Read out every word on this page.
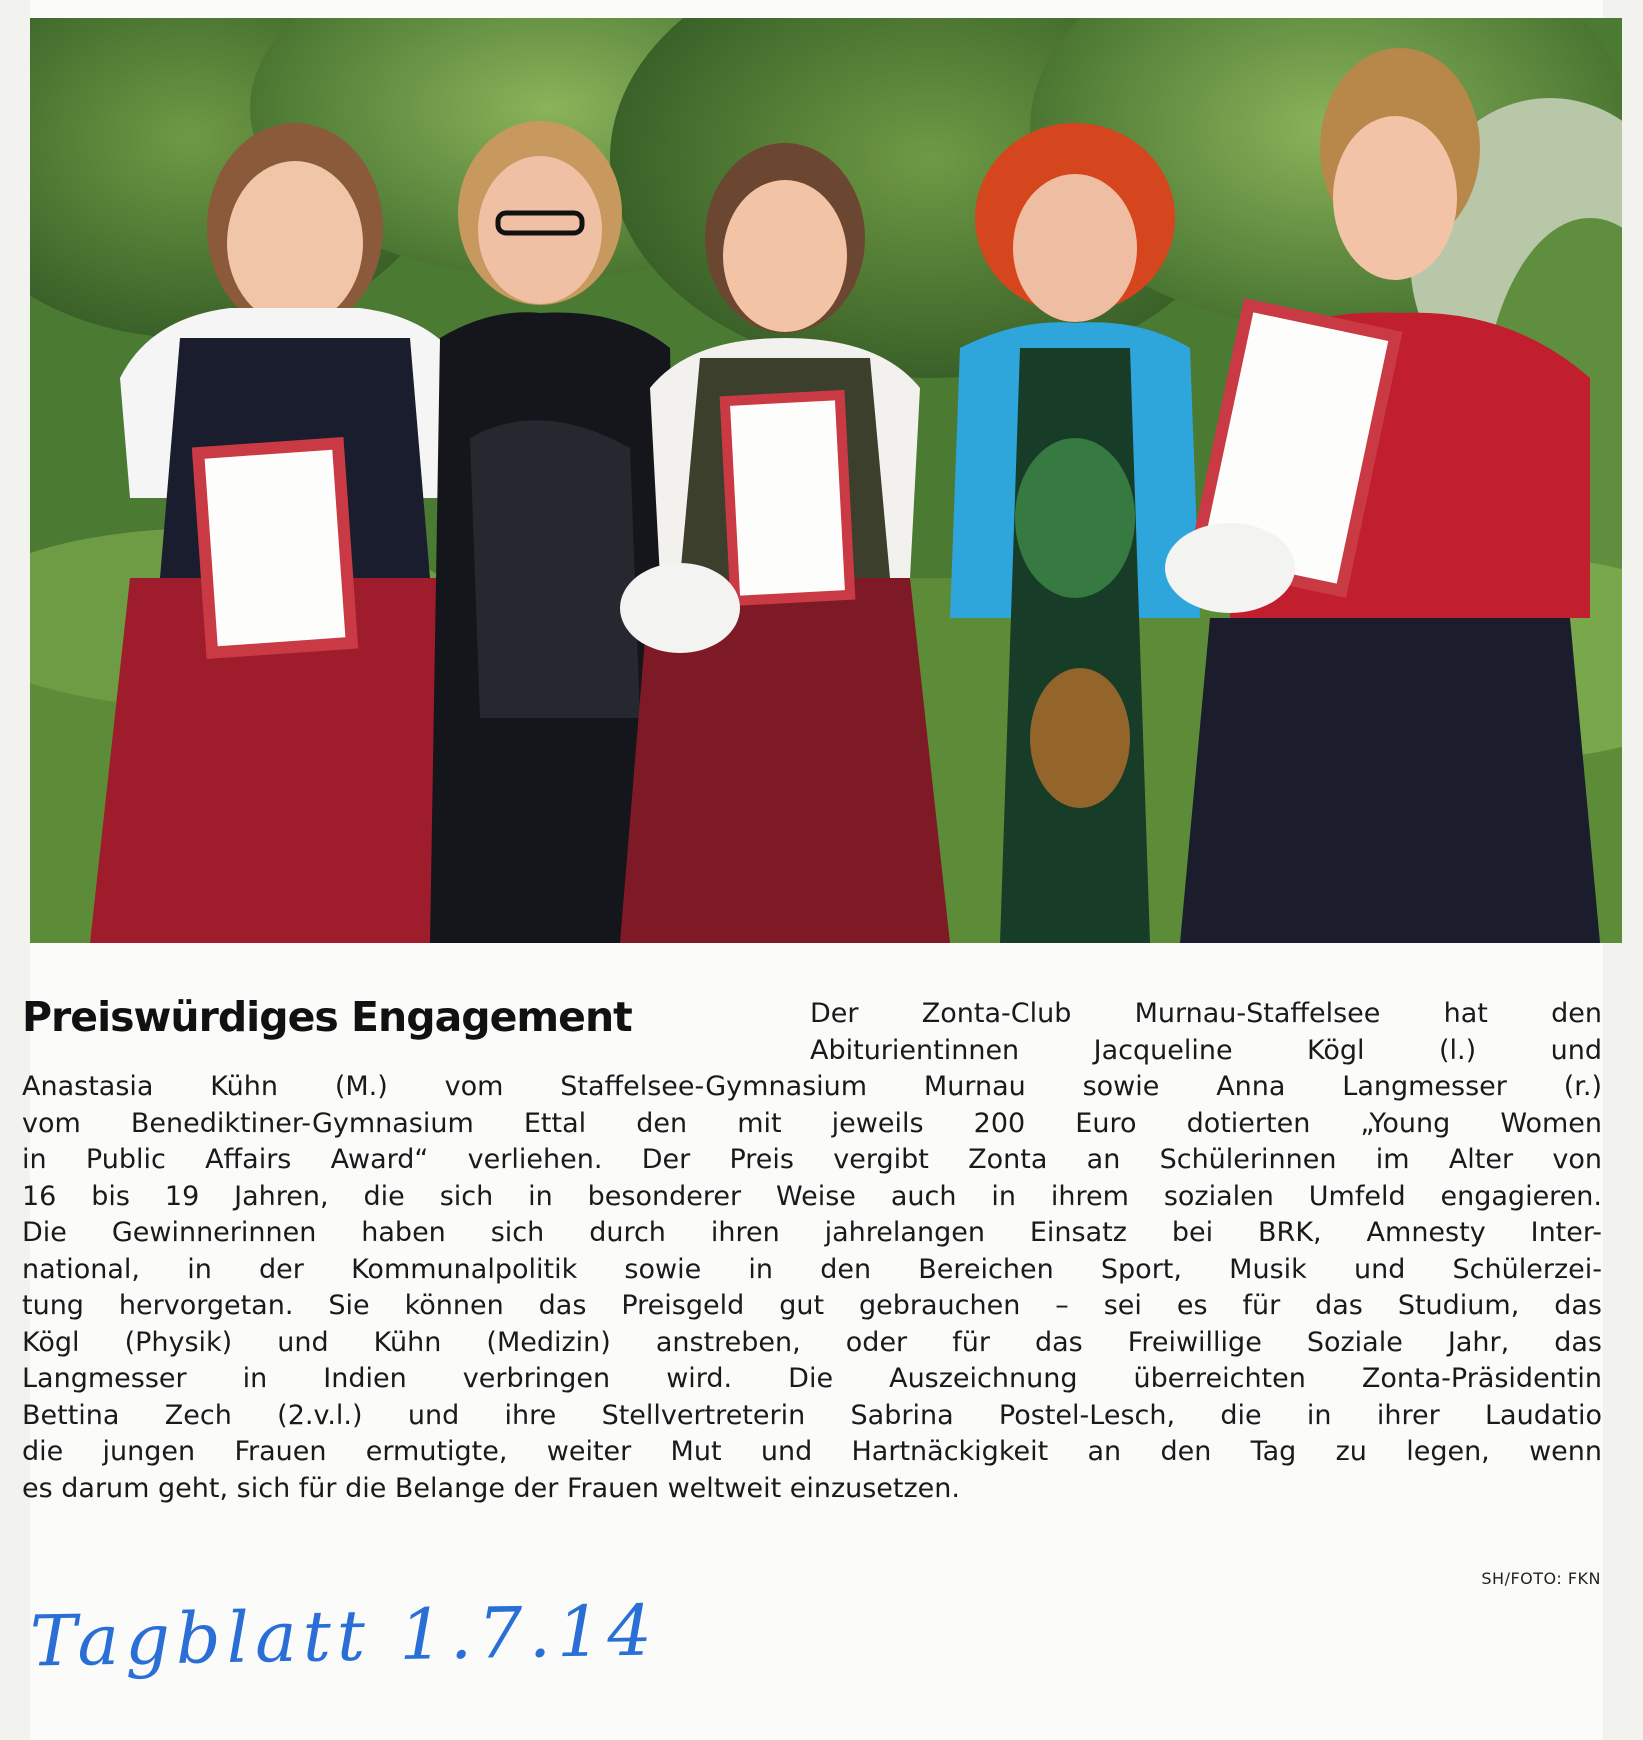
Preiswürdiges Engagement	Der Zonta-Club Murnau-Staffelsee hat den
Abiturientinnen Jacqueline Kögl (l.) und
Anastasia Kühn (M.) vom Staffelsee-Gymnasium Murnau sowie Anna Langmesser (r.)
vom Benediktiner-Gymnasium Ettal den mit jeweils 200 Euro dotierten „Young Women
in Public Affairs Award“ verliehen. Der Preis vergibt Zonta an Schülerinnen im Alter von
16 bis 19 Jahren, die sich in besonderer Weise auch in ihrem sozialen Umfeld engagieren.
Die Gewinnerinnen haben sich durch ihren jahrelangen Einsatz bei BRK, Amnesty Inter-
national, in der Kommunalpolitik sowie in den Bereichen Sport, Musik und Schülerzei-
tung hervorgetan. Sie können das Preisgeld gut gebrauchen – sei es für das Studium, das
Kögl (Physik) und Kühn (Medizin) anstreben, oder für das Freiwillige Soziale Jahr, das
Langmesser in Indien verbringen wird. Die Auszeichnung überreichten Zonta-Präsidentin
Bettina Zech (2.v.l.) und ihre Stellvertreterin Sabrina Postel-Lesch, die in ihrer Laudatio
die jungen Frauen ermutigte, weiter Mut und Hartnäckigkeit an den Tag zu legen, wenn
es darum geht, sich für die Belange der Frauen weltweit einzusetzen.
SH/FOTO: FKN
Tagblatt 1.7.14
